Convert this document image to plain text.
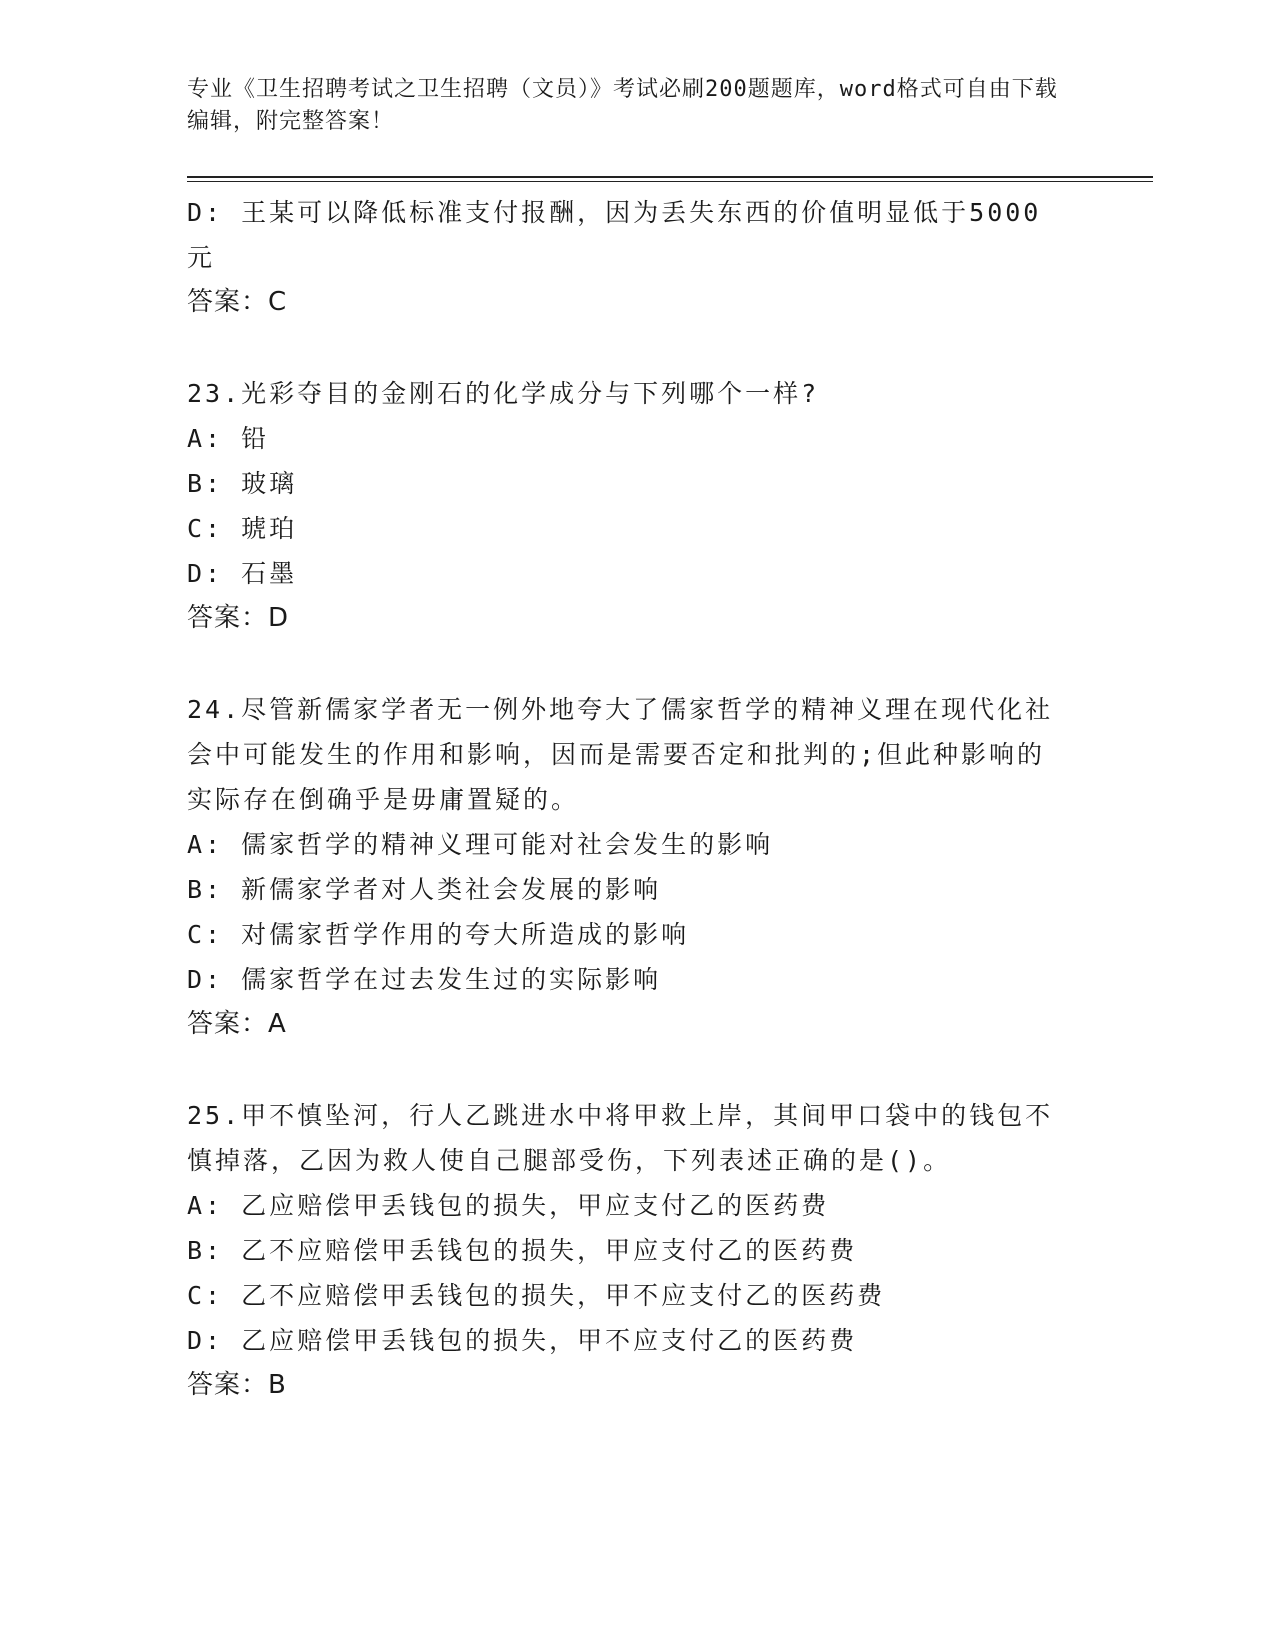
专业《卫生招聘考试之卫生招聘（文员）》考试必刷200题题库，word格式可自由下载编辑，附完整答案！
D: 王某可以降低标准支付报酬，因为丢失东西的价值明显低于5000
元
答案：C
23.光彩夺目的金刚石的化学成分与下列哪个一样?
A: 铅
B: 玻璃
C: 琥珀
D: 石墨
答案：D
24.尽管新儒家学者无一例外地夸大了儒家哲学的精神义理在现代化社
会中可能发生的作用和影响，因而是需要否定和批判的;但此种影响的
实际存在倒确乎是毋庸置疑的。
A: 儒家哲学的精神义理可能对社会发生的影响
B: 新儒家学者对人类社会发展的影响
C: 对儒家哲学作用的夸大所造成的影响
D: 儒家哲学在过去发生过的实际影响
答案：A
25.甲不慎坠河，行人乙跳进水中将甲救上岸，其间甲口袋中的钱包不
慎掉落，乙因为救人使自己腿部受伤，下列表述正确的是()。
A: 乙应赔偿甲丢钱包的损失，甲应支付乙的医药费
B: 乙不应赔偿甲丢钱包的损失，甲应支付乙的医药费
C: 乙不应赔偿甲丢钱包的损失，甲不应支付乙的医药费
D: 乙应赔偿甲丢钱包的损失，甲不应支付乙的医药费
答案：B
